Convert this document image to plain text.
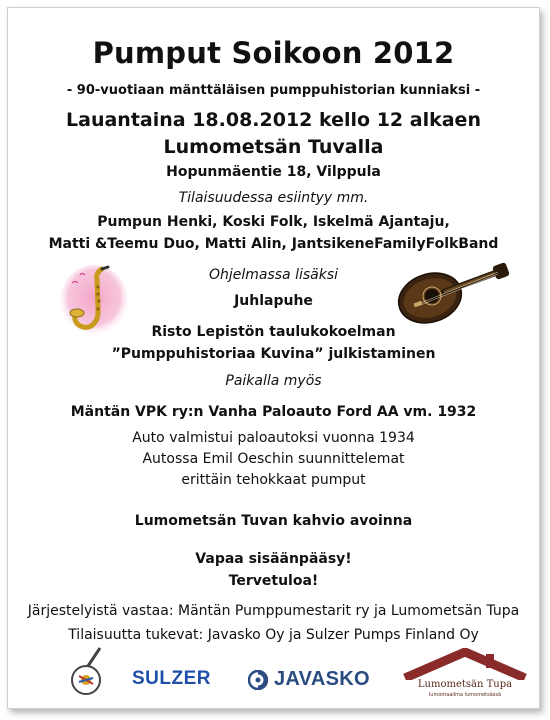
Pumput Soikoon 2012
- 90-vuotiaan mänttäläisen pumppuhistorian kunniaksi -
Lauantaina 18.08.2012 kello 12 alkaen
Lumometsän Tuvalla
Hopunmäentie 18, Vilppula
Tilaisuudessa esiintyy mm.
Pumpun Henki, Koski Folk, Iskelmä Ajantaju,
Matti &Teemu Duo, Matti Alin, JantsikeneFamilyFolkBand
Ohjelmassa lisäksi
Juhlapuhe
Risto Lepistön taulukokoelman
”Pumppuhistoriaa Kuvina” julkistaminen
Paikalla myös
Mäntän VPK ry:n Vanha Paloauto Ford AA vm. 1932
Auto valmistui paloautoksi vuonna 1934
Autossa Emil Oeschin suunnittelemat
erittäin tehokkaat pumput
Lumometsän Tuvan kahvio avoinna
Vapaa sisäänpääsy!
Tervetuloa!
Järjestelyistä vastaa: Mäntän Pumppumestarit ry ja Lumometsän Tupa
Tilaisuutta tukevat: Javasko Oy ja Sulzer Pumps Finland Oy
SULZER	JAVASKO	Lumometsän Tupa
lumomaailma lumometsässä
